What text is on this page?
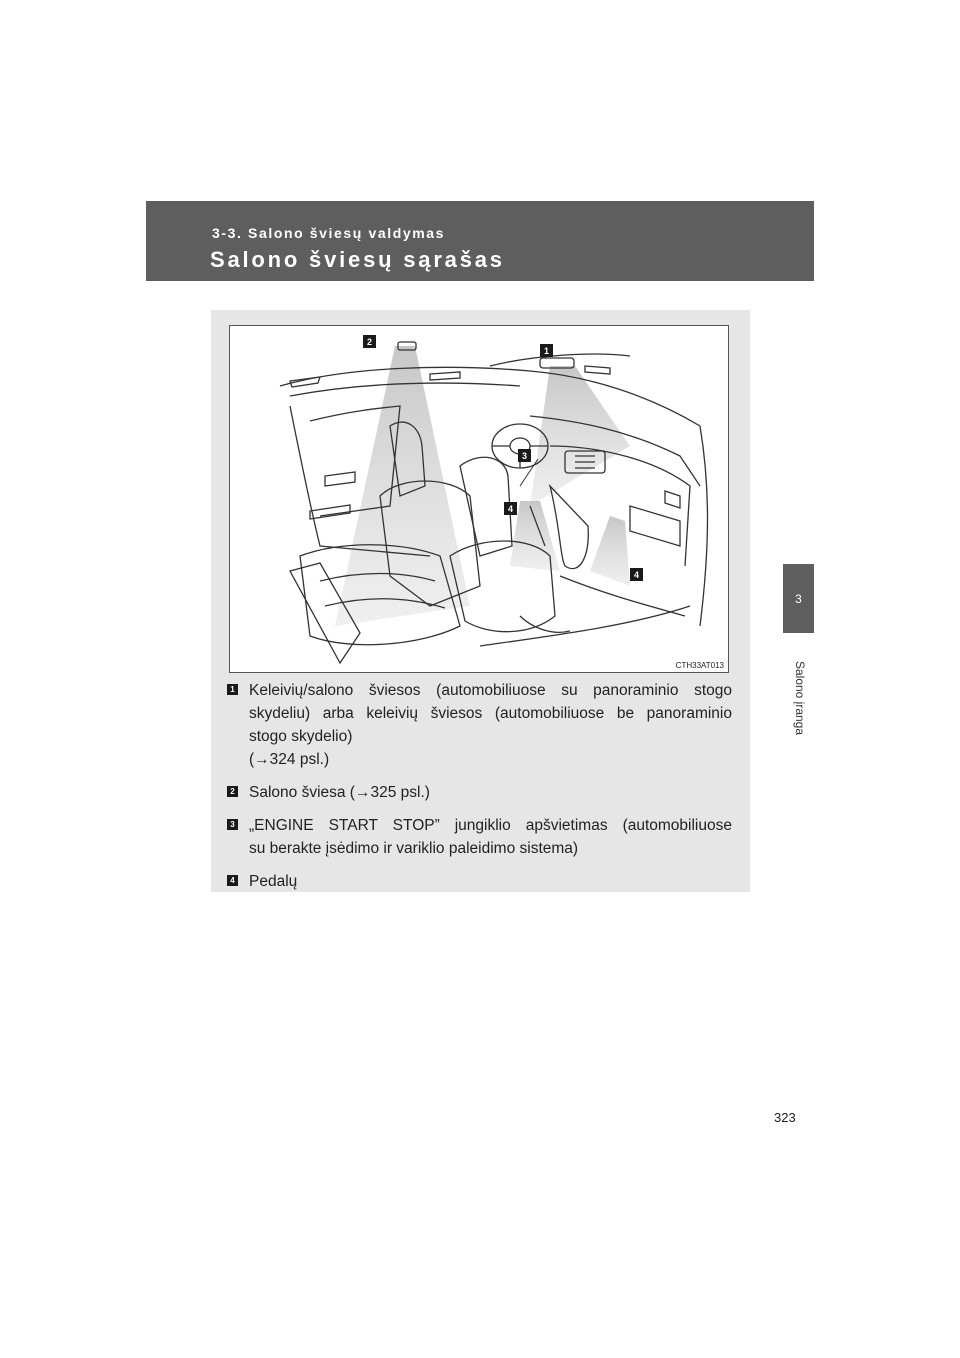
3-3. Salono šviesų valdymas
Salono šviesų sąrašas
3
Salono įranga
2
1
3
4
4
CTH33AT013
1 Keleivių/salono šviesos (automobiliuose su panoraminio stogo
skydeliu) arba keleivių šviesos (automobiliuose be panoraminio
stogo skydelio)
(→324 psl.)
2 Salono šviesa (→325 psl.)
3 „ENGINE START STOP” jungiklio apšvietimas (automobiliuose
su berakte įsėdimo ir variklio paleidimo sistema)
4 Pedalų
323
